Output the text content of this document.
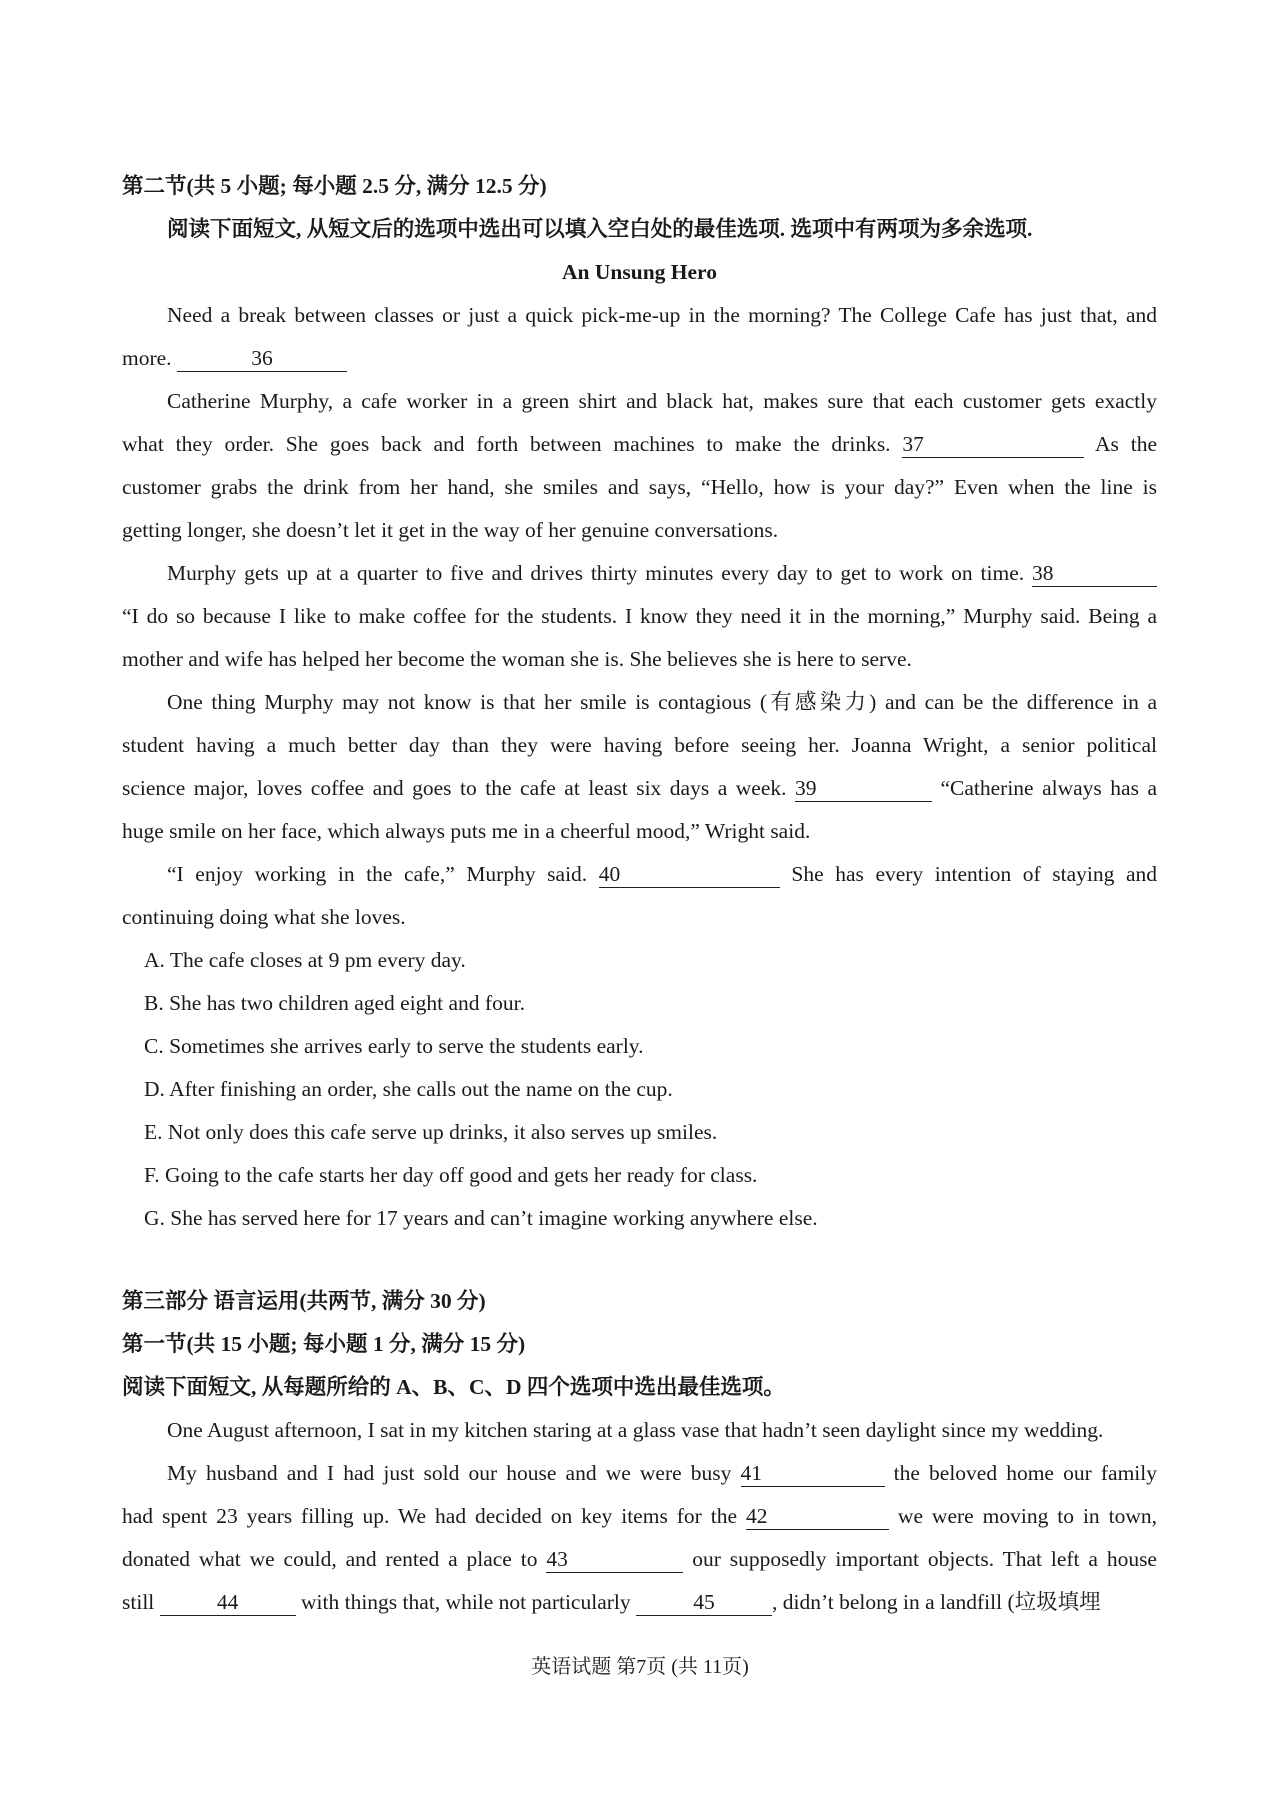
第二节(共 5 小题; 每小题 2.5 分, 满分 12.5 分)
阅读下面短文, 从短文后的选项中选出可以填入空白处的最佳选项. 选项中有两项为多余选项.
An Unsung Hero
Need a break between classes or just a quick pick-me-up in the morning? The College Cafe has just that, and
more.	36
Catherine Murphy, a cafe worker in a green shirt and black hat, makes sure that each customer gets exactly
what they order. She goes back and forth between machines to make the drinks. 37	As the
customer grabs the drink from her hand, she smiles and says, “Hello, how is your day?” Even when the line is
getting longer, she doesn’t let it get in the way of her genuine conversations.
Murphy gets up at a quarter to five and drives thirty minutes every day to get to work on time. 38
“I do so because I like to make coffee for the students. I know they need it in the morning,” Murphy said. Being a
mother and wife has helped her become the woman she is. She believes she is here to serve.
One thing Murphy may not know is that her smile is contagious (有感染力) and can be the difference in a
student having a much better day than they were having before seeing her. Joanna Wright, a senior political
science major, loves coffee and goes to the cafe at least six days a week. 39	“Catherine always has a
huge smile on her face, which always puts me in a cheerful mood,” Wright said.
“I enjoy working in the cafe,” Murphy said. 40	She has every intention of staying and
continuing doing what she loves.
A. The cafe closes at 9 pm every day.
B. She has two children aged eight and four.
C. Sometimes she arrives early to serve the students early.
D. After finishing an order, she calls out the name on the cup.
E. Not only does this cafe serve up drinks, it also serves up smiles.
F. Going to the cafe starts her day off good and gets her ready for class.
G. She has served here for 17 years and can’t imagine working anywhere else.
第三部分 语言运用(共两节, 满分 30 分)
第一节(共 15 小题; 每小题 1 分, 满分 15 分)
阅读下面短文, 从每题所给的 A、B、C、D 四个选项中选出最佳选项。
One August afternoon, I sat in my kitchen staring at a glass vase that hadn’t seen daylight since my wedding.
My husband and I had just sold our house and we were busy 41	the beloved home our family
had spent 23 years filling up. We had decided on key items for the 42	we were moving to in town,
donated what we could, and rented a place to 43	our supposedly important objects. That left a house
still	44	with things that, while not particularly	45	, didn’t belong in a landfill (垃圾填埋
英语试题 第7页 (共 11页)
